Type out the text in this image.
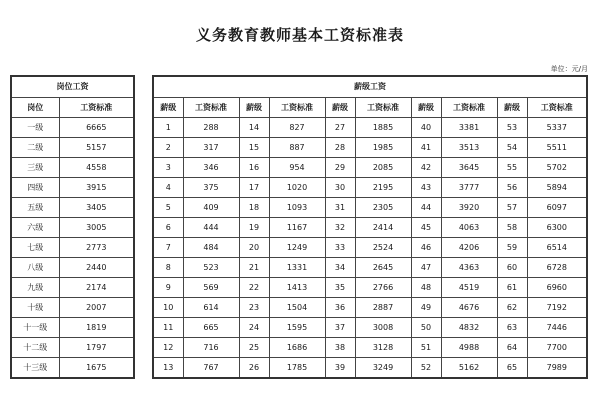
义务教育教师基本工资标准表
单位：元/月
岗位工资	
岗位	工资标准
一级	6665
二级	5157
三级	4558
四级	3915
五级	3405
六级	3005
七级	2773
八级	2440
九级	2174
十级	2007
十一级	1819
十二级	1797
十三级	1675
薪级工资									
薪级	工资标准	薪级	工资标准	薪级	工资标准	薪级	工资标准	薪级	工资标准
1	288	14	827	27	1885	40	3381	53	5337
2	317	15	887	28	1985	41	3513	54	5511
3	346	16	954	29	2085	42	3645	55	5702
4	375	17	1020	30	2195	43	3777	56	5894
5	409	18	1093	31	2305	44	3920	57	6097
6	444	19	1167	32	2414	45	4063	58	6300
7	484	20	1249	33	2524	46	4206	59	6514
8	523	21	1331	34	2645	47	4363	60	6728
9	569	22	1413	35	2766	48	4519	61	6960
10	614	23	1504	36	2887	49	4676	62	7192
11	665	24	1595	37	3008	50	4832	63	7446
12	716	25	1686	38	3128	51	4988	64	7700
13	767	26	1785	39	3249	52	5162	65	7989
